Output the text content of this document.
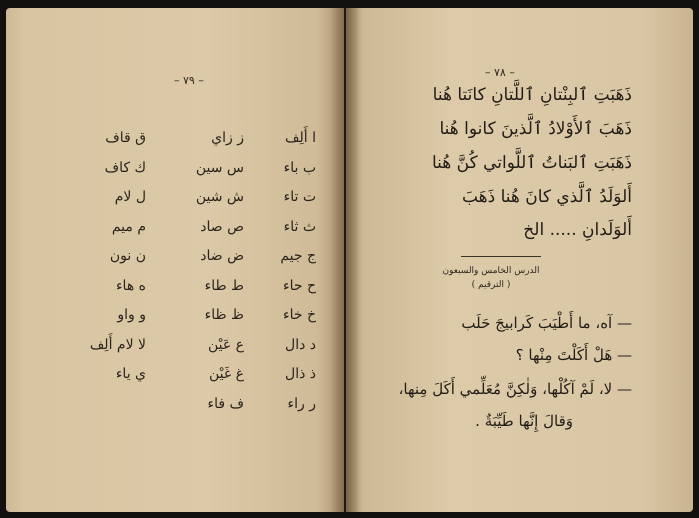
– ٧٩ –
ق قاف
ك كاف
ل لام
م ميم
ن نون
ه هاء
و واو
لا لام أَلِف
ي ياء
ز زاي
س سين
ش شين
ص صاد
ض ضاد
ط طاء
ظ ظاء
ع عَيْن
غ غَيْن
ف فاء
ا أَلِف
ب باء
ت تاء
ث ثاء
ج جيم
ح حاء
خ خاء
د دال
ذ ذال
ر راء
– ٧٨ –
ذَهَبَتِ ٱلبِنْتانِ ٱللَّتانِ كانَتا هُنا
ذَهَبَ ٱلأَوْلادُ ٱلَّذينَ كانوا هُنا
ذَهَبَتِ ٱلبَناتُ ٱللَّواتي كُنَّ هُنا
أَلوَلَدُ ٱلَّذي كانَ هُنا ذَهَبَ
أَلوَلَدانِ ..... الخ
الدرس الخامس والسبعون
( الترقيم )
— آه، ما أَطْيَبَ كَرابيجَ حَلَب
— هَلْ أَكَلْتَ مِنْها ؟
— لا، لَمْ آكُلْها، وَلٰكِنَّ مُعَلِّمي أَكَلَ مِنها،
وَقالَ إِنَّها طَيِّبَةٌ .
